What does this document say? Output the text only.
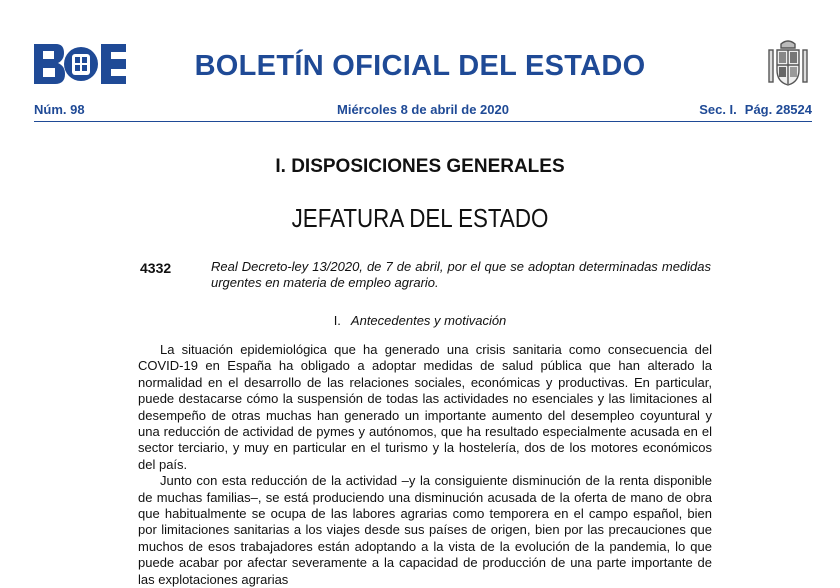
BOLETÍN OFICIAL DEL ESTADO
Núm. 98	Miércoles 8 de abril de 2020	Sec. I. Pág. 28524
I. DISPOSICIONES GENERALES
JEFATURA DEL ESTADO
4332	Real Decreto-ley 13/2020, de 7 de abril, por el que se adoptan determinadas medidas urgentes en materia de empleo agrario.
I. Antecedentes y motivación

La situación epidemiológica que ha generado una crisis sanitaria como consecuencia del COVID-19 en España ha obligado a adoptar medidas de salud pública que han alterado la normalidad en el desarrollo de las relaciones sociales, económicas y productivas. En particular, puede destacarse cómo la suspensión de todas las actividades no esenciales y las limitaciones al desempeño de otras muchas han generado un importante aumento del desempleo coyuntural y una reducción de actividad de pymes y autónomos, que ha resultado especialmente acusada en el sector terciario, y muy en particular en el turismo y la hostelería, dos de los motores económicos del país.

Junto con esta reducción de la actividad –y la consiguiente disminución de la renta disponible de muchas familias–, se está produciendo una disminución acusada de la oferta de mano de obra que habitualmente se ocupa de las labores agrarias como temporera en el campo español, bien por limitaciones sanitarias a los viajes desde sus países de origen, bien por las precauciones que muchos de esos trabajadores están adoptando a la vista de la evolución de la pandemia, lo que puede acabar por afectar severamente a la capacidad de producción de una parte importante de las explotaciones agrarias
